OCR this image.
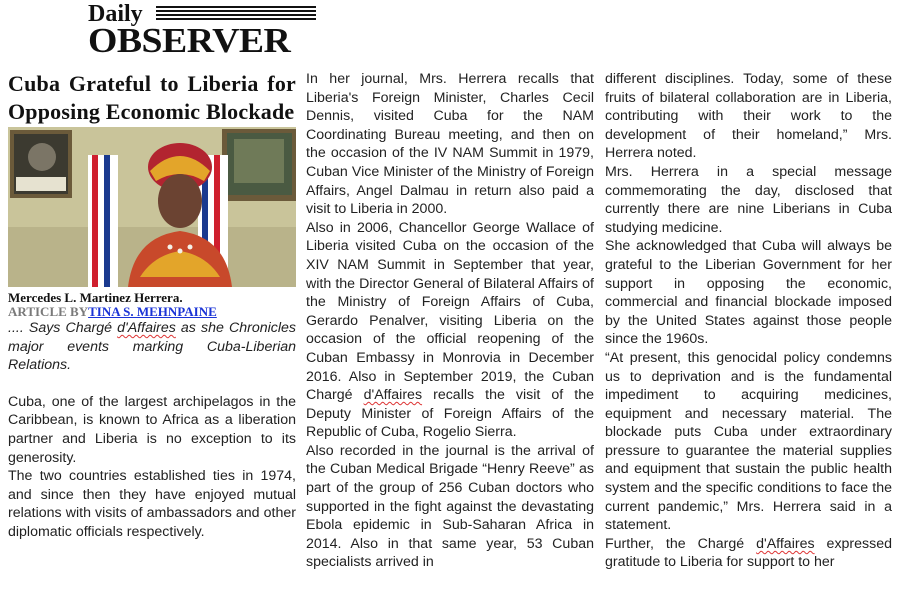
Daily
OBSERVER
Cuba Grateful to Liberia for Opposing Economic Blockade
Mercedes L. Martinez Herrera.
ARTICLE BYTINA S. MEHNPAINE

.... Says Chargé d'Affaires as she Chronicles major events marking Cuba-Liberian Relations.

Cuba, one of the largest archipelagos in the Caribbean, is known to Africa as a liberation partner and Liberia is no exception to its generosity.

The two countries established ties in 1974, and since then they have enjoyed mutual relations with visits of ambassadors and other diplomatic officials respectively.

In her journal, Mrs. Herrera recalls that Liberia's Foreign Minister, Charles Cecil Dennis, visited Cuba for the NAM Coordinating Bureau meeting, and then on the occasion of the IV NAM Summit in 1979, Cuban Vice Minister of the Ministry of Foreign Affairs, Angel Dalmau in return also paid a visit to Liberia in 2000.

Also in 2006, Chancellor George Wallace of Liberia visited Cuba on the occasion of the XIV NAM Summit in September that year, with the Director General of Bilateral Affairs of the Ministry of Foreign Affairs of Cuba, Gerardo Penalver, visiting Liberia on the occasion of the official reopening of the Cuban Embassy in Monrovia in December 2016. Also in September 2019, the Cuban Chargé d'Affaires recalls the visit of the Deputy Minister of Foreign Affairs of the Republic of Cuba, Rogelio Sierra.

Also recorded in the journal is the arrival of the Cuban Medical Brigade “Henry Reeve” as part of the group of 256 Cuban doctors who supported in the fight against the devastating Ebola epidemic in Sub-Saharan Africa in 2014. Also in that same year, 53 Cuban specialists arrived in

different disciplines. Today, some of these fruits of bilateral collaboration are in Liberia, contributing with their work to the development of their homeland,” Mrs. Herrera noted.

Mrs. Herrera in a special message commemorating the day, disclosed that currently there are nine Liberians in Cuba studying medicine.

She acknowledged that Cuba will always be grateful to the Liberian Government for her support in opposing the economic, commercial and financial blockade imposed by the United States against those people since the 1960s.

“At present, this genocidal policy condemns us to deprivation and is the fundamental impediment to acquiring medicines, equipment and necessary material. The blockade puts Cuba under extraordinary pressure to guarantee the material supplies and equipment that sustain the public health system and the specific conditions to face the current pandemic,” Mrs. Herrera said in a statement.

Further, the Chargé d'Affaires expressed gratitude to Liberia for support to her
